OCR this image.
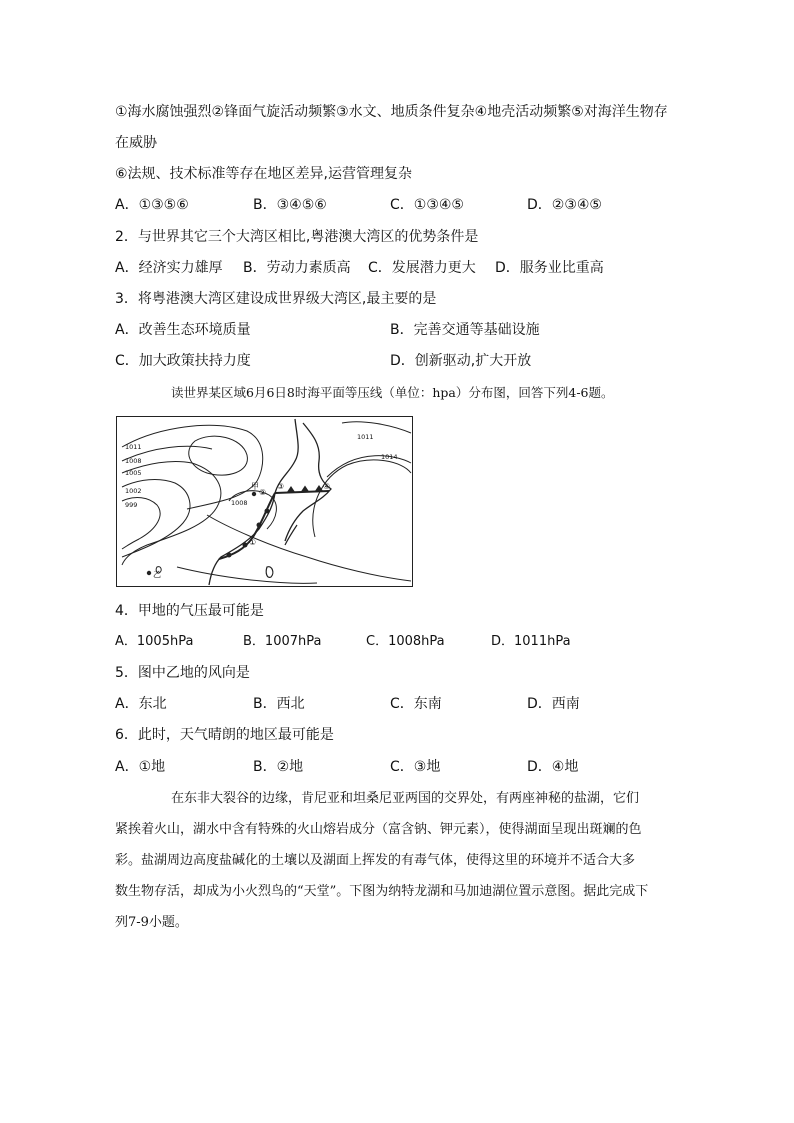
①海水腐蚀强烈②锋面气旋活动频繁③水文、地质条件复杂④地壳活动频繁⑤对海洋生物存
在威胁
⑥法规、技术标准等存在地区差异,运营管理复杂
A．①③⑤⑥	B．③④⑤⑥	C．①③④⑤	D．②③④⑤
2．与世界其它三个大湾区相比,粤港澳大湾区的优势条件是
A．经济实力雄厚 B．劳动力素质高 C．发展潜力更大 D．服务业比重高
3．将粤港澳大湾区建设成世界级大湾区,最主要的是
A．改善生态环境质量	B．完善交通等基础设施
C．加大政策扶持力度	D．创新驱动,扩大开放
读世界某区域6月6日8时海平面等压线（单位：hpa）分布图，回答下列4-6题。
1011
1008
1005
1002
999	1008
1011
1014
甲
乙
①
②
③	④
4．甲地的气压最可能是
A．1005hPa	B．1007hPa	C．1008hPa	D．1011hPa
5．图中乙地的风向是
A．东北	B．西北	C．东南	D．西南
6．此时，天气晴朗的地区最可能是
A．①地	B．②地	C．③地	D．④地
在东非大裂谷的边缘，肯尼亚和坦桑尼亚两国的交界处，有两座神秘的盐湖，它们
紧挨着火山，湖水中含有特殊的火山熔岩成分（富含钠、钾元素），使得湖面呈现出斑斓的色
彩。盐湖周边高度盐碱化的土壤以及湖面上挥发的有毒气体，使得这里的环境并不适合大多
数生物存活，却成为小火烈鸟的“天堂”。下图为纳特龙湖和马加迪湖位置示意图。据此完成下
列7-9小题。
